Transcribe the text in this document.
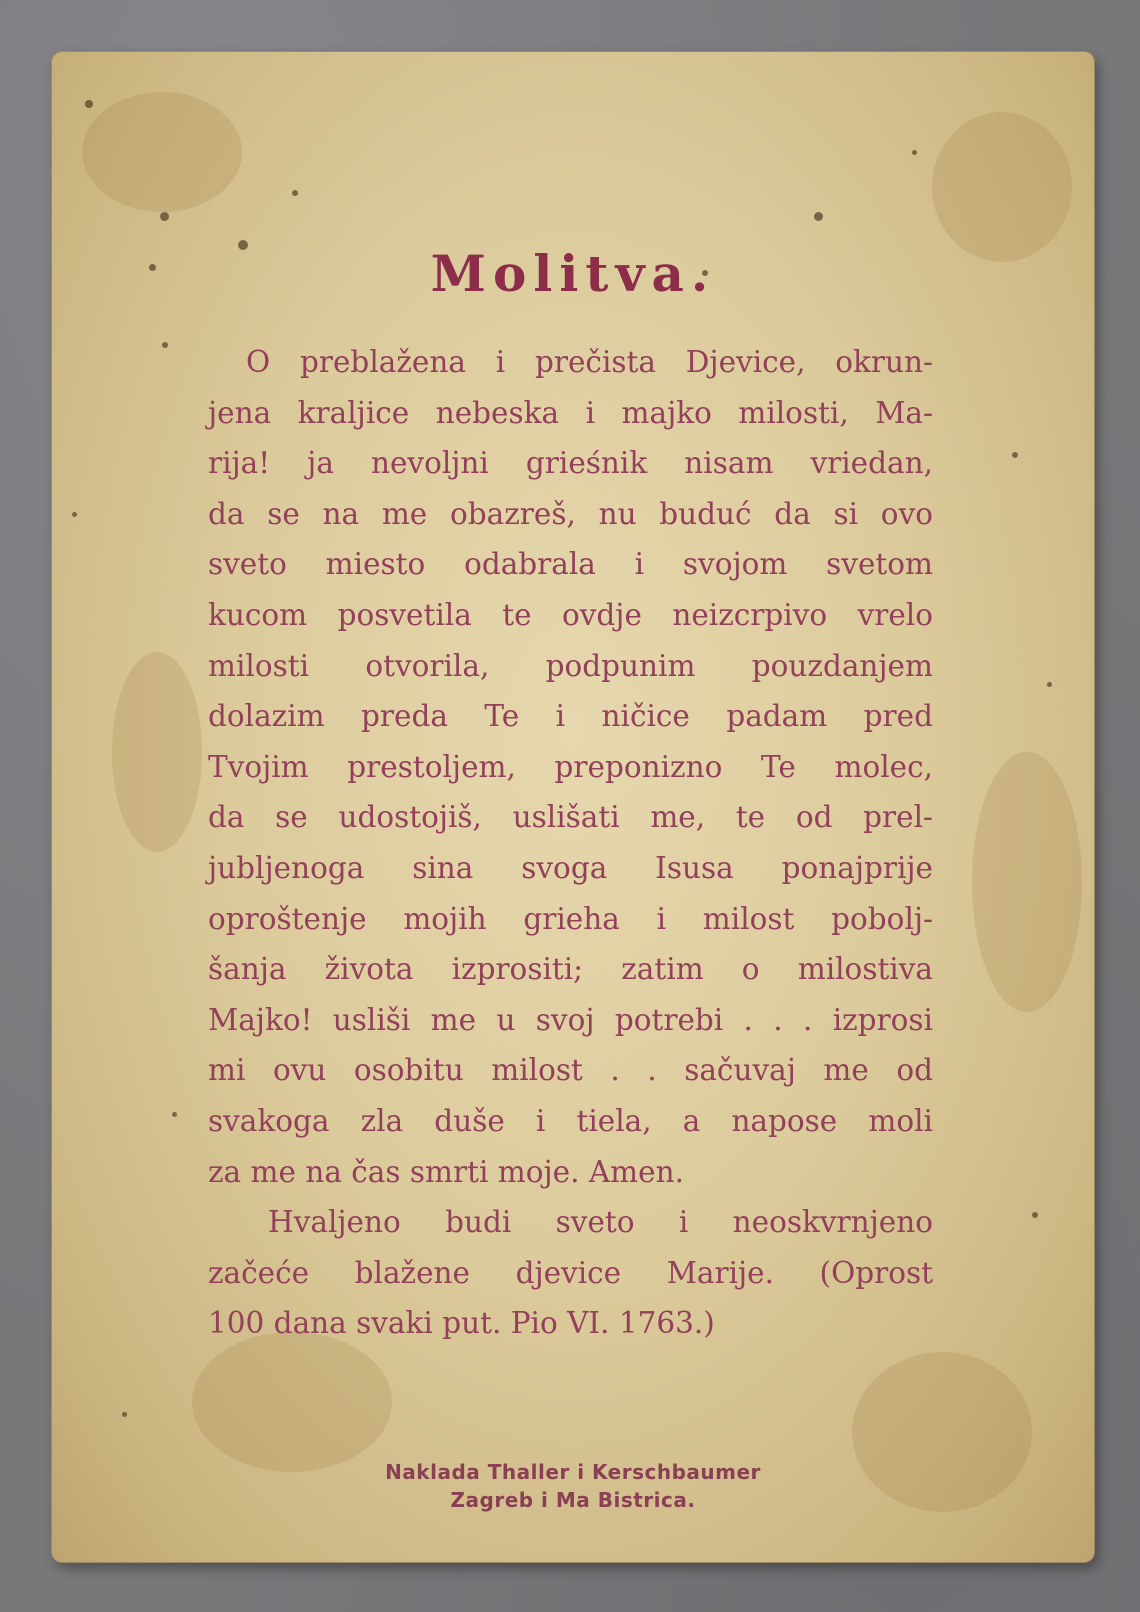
Molitva.
O preblažena i prečista Djevice, okrun-
jena kraljice nebeska i majko milosti, Ma-
rija! ja nevoljni grieśnik nisam vriedan,
da se na me obazreš, nu buduć da si ovo
sveto miesto odabrala i svojom svetom
kucom posvetila te ovdje neizcrpivo vrelo
milosti otvorila, podpunim pouzdanjem
dolazim preda Te i ničice padam pred
Tvojim prestoljem, preponizno Te molec,
da se udostojiš, uslišati me, te od prel-
jubljenoga sina svoga Isusa ponajprije
oproštenje mojih grieha i milost pobolj-
šanja života izprositi; zatim o milostiva
Majko! usliši me u svoj potrebi . . . izprosi
mi ovu osobitu milost . . sačuvaj me od
svakoga zla duše i tiela, a napose moli
za me na čas smrti moje. Amen.
Hvaljeno budi sveto i neoskvrnjeno
začeće blažene djevice Marije. (Oprost
100 dana svaki put. Pio VI. 1763.)
Naklada Thaller i Kerschbaumer
Zagreb i Ma Bistrica.
